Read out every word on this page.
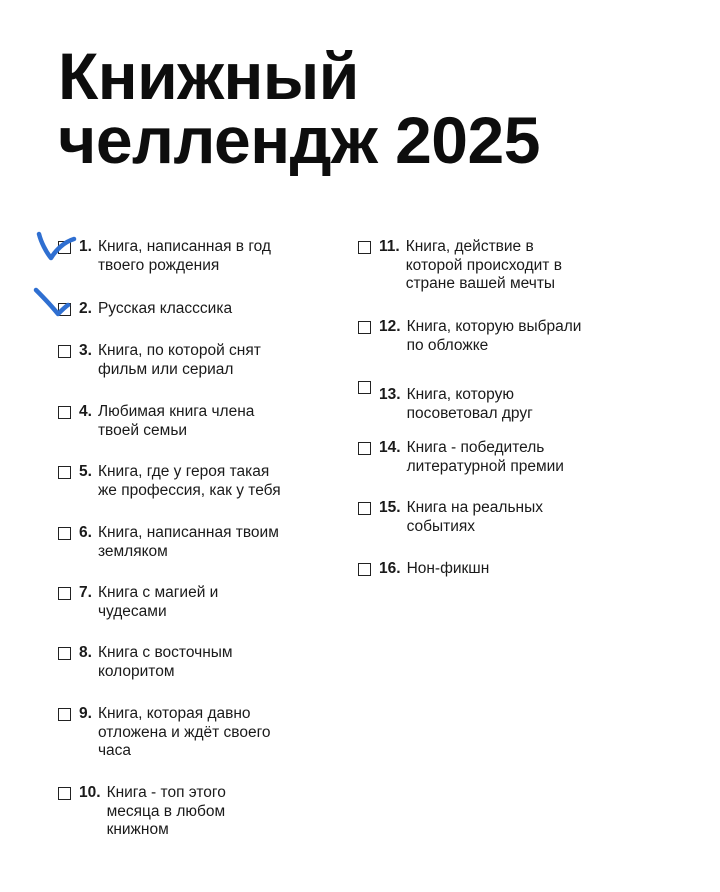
Книжный
челлендж 2025
1. Книга, написанная в год
твоего рождения
2. Русская класссика
3. Книга, по которой снят
фильм или сериал
4. Любимая книга члена
твоей семьи
5. Книга, где у героя такая
же профессия, как у тебя
6. Книга, написанная твоим
земляком
7. Книга с магией и
чудесами
8. Книга с восточным
колоритом
9. Книга, которая давно
отложена и ждёт своего
часа
10. Книга - топ этого
месяца в любом
книжном
11. Книга, действие в
которой происходит в
стране вашей мечты
12. Книга, которую выбрали
по обложке
13. Книга, которую
посоветовал друг
14. Книга - победитель
литературной премии
15. Книга на реальных
событиях
16. Нон-фикшн
